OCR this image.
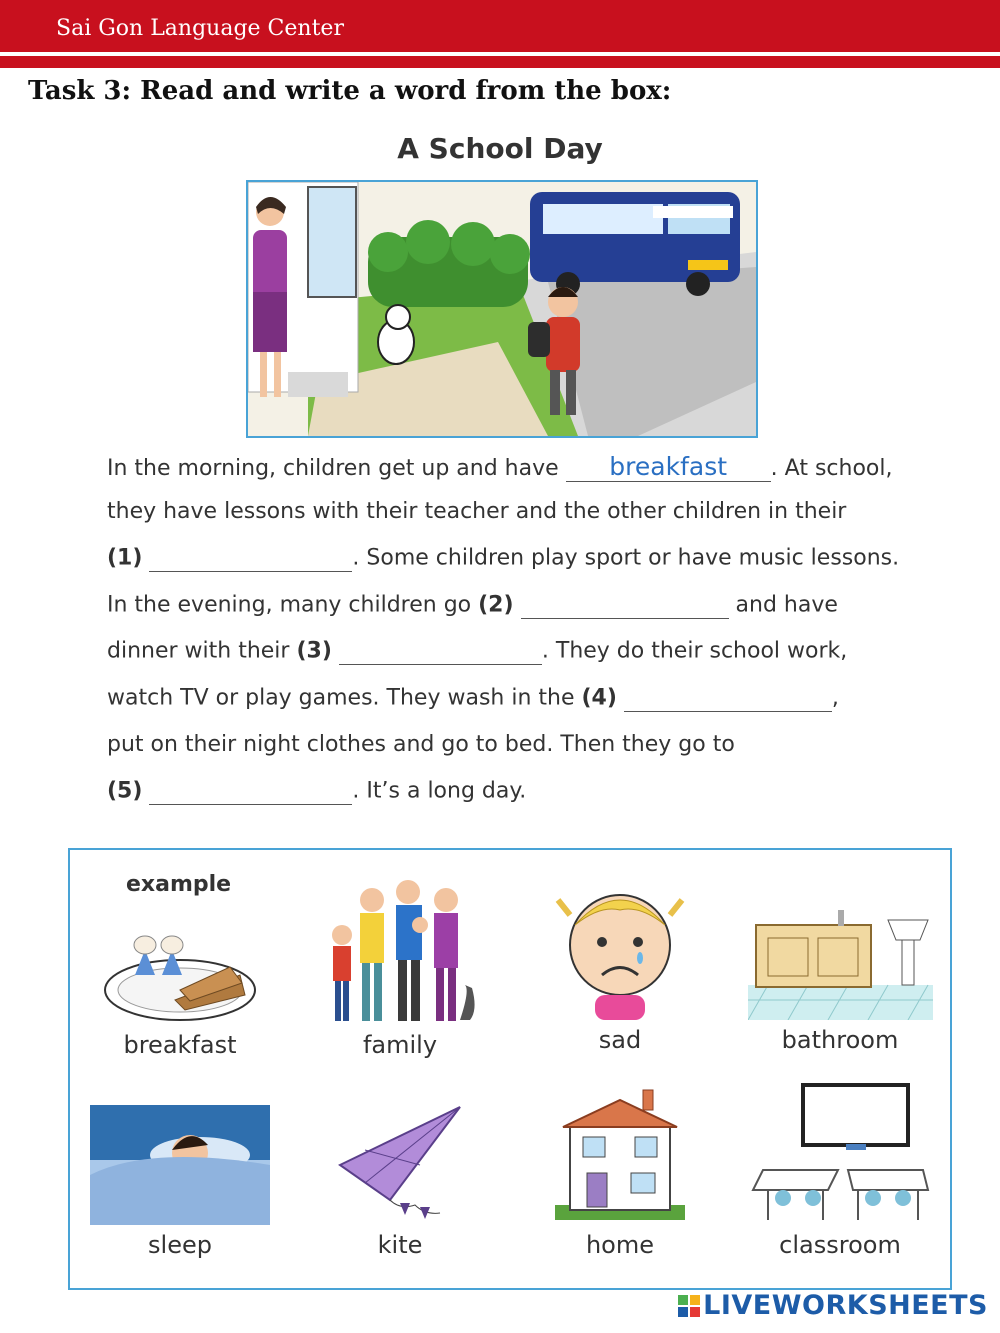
Sai Gon Language Center
Task 3: Read and write a word from the box:
A School Day
In the morning, children get up and have breakfast . At school,
they have lessons with their teacher and the other children in their
(1)	. Some children play sport or have music lessons.
In the evening, many children go (2)	and have
dinner with their (3)	. They do their school work,
watch TV or play games. They wash in the (4)	,
put on their night clothes and go to bed. Then they go to
(5)	. It’s a long day.
example
breakfast	family	sad	bathroom
sleep	kite	home	classroom
LIVEWORKSHEETS
